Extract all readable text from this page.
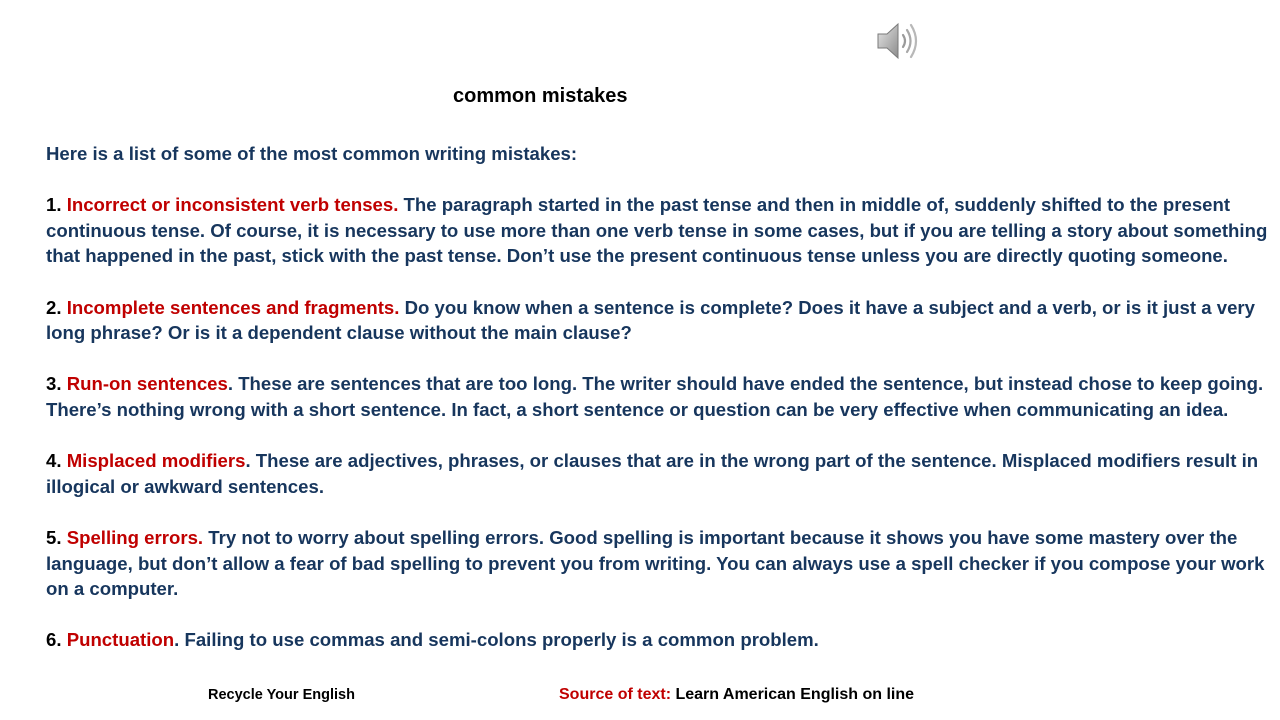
common mistakes

Here is a list of some of the most common writing mistakes:

1. Incorrect or inconsistent verb tenses. The paragraph started in the past tense and then in middle of, suddenly shifted to the present continuous tense. Of course, it is necessary to use more than one verb tense in some cases, but if you are telling a story about something that happened in the past, stick with the past tense. Don’t use the present continuous tense unless you are directly quoting someone.

2. Incomplete sentences and fragments. Do you know when a sentence is complete? Does it have a subject and a verb, or is it just a very long phrase? Or is it a dependent clause without the main clause?

3. Run-on sentences. These are sentences that are too long. The writer should have ended the sentence, but instead chose to keep going. There’s nothing wrong with a short sentence. In fact, a short sentence or question can be very effective when communicating an idea.

4. Misplaced modifiers. These are adjectives, phrases, or clauses that are in the wrong part of the sentence. Misplaced modifiers result in illogical or awkward sentences.

5. Spelling errors. Try not to worry about spelling errors. Good spelling is important because it shows you have some mastery over the language, but don’t allow a fear of bad spelling to prevent you from writing. You can always use a spell checker if you compose your work on a computer.

6. Punctuation. Failing to use commas and semi-colons properly is a common problem.

Recycle Your English	Source of text: Learn American English on line
